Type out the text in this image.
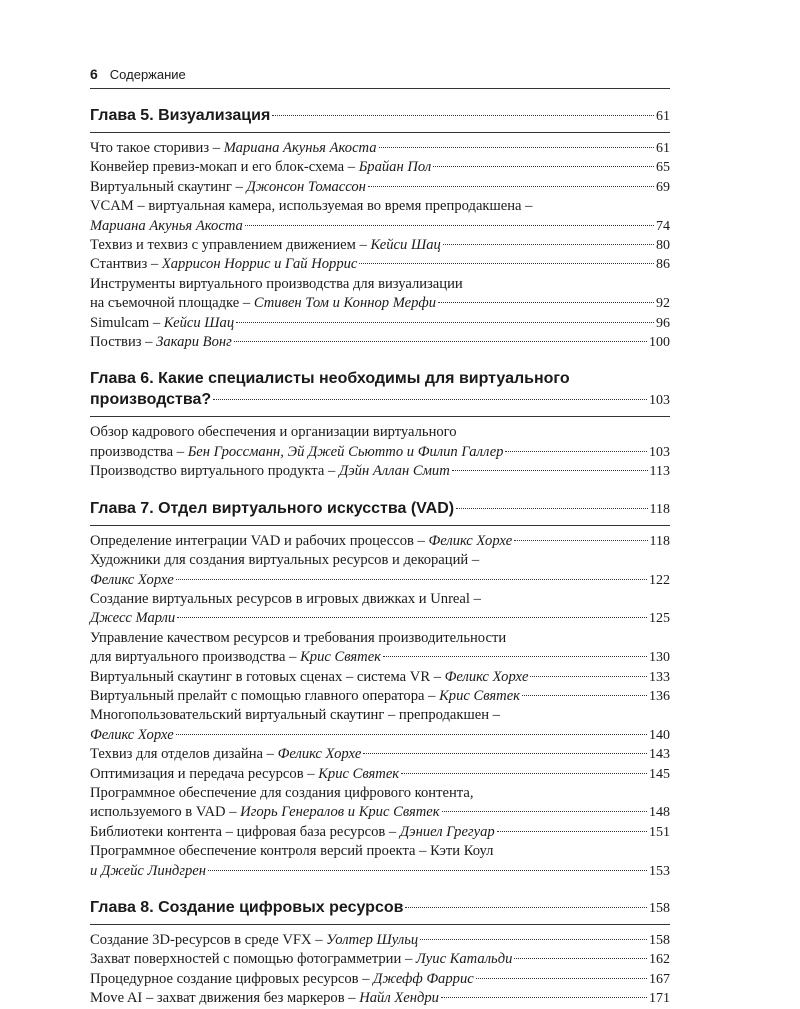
6 Содержание
Глава 5. Визуализация	61
Что такое сторивиз – Мариана Акунья Акоста	61
Конвейер превиз-мокап и его блок-схема – Брайан Пол	65
Виртуальный скаутинг – Джонсон Томассон	69
VCAM – виртуальная камера, используемая во время препродакшена –
Мариана Акунья Акоста	74
Техвиз и техвиз с управлением движением – Кейси Шац	80
Стантвиз – Харрисон Норрис и Гай Норрис	86
Инструменты виртуального производства для визуализации
на съемочной площадке – Стивен Том и Коннор Мерфи	92
Simulcam – Кейси Шац	96
Поствиз – Закари Вонг	100
Глава 6. Какие специалисты необходимы для виртуального
производства?	103
Обзор кадрового обеспечения и организации виртуального
производства – Бен Гроссманн, Эй Джей Сьютто и Филип Галлер	103
Производство виртуального продукта – Дэйн Аллан Смит	113
Глава 7. Отдел виртуального искусства (VAD)	118
Определение интеграции VAD и рабочих процессов – Феликс Хорхе	118
Художники для создания виртуальных ресурсов и декораций –
Феликс Хорхе	122
Создание виртуальных ресурсов в игровых движках и Unreal –
Джесс Марли	125
Управление качеством ресурсов и требования производительности
для виртуального производства – Крис Святек	130
Виртуальный скаутинг в готовых сценах – система VR – Феликс Хорхе	133
Виртуальный прелайт с помощью главного оператора – Крис Святек	136
Многопользовательский виртуальный скаутинг – препродакшен –
Феликс Хорхе	140
Техвиз для отделов дизайна – Феликс Хорхе	143
Оптимизация и передача ресурсов – Крис Святек	145
Программное обеспечение для создания цифрового контента,
используемого в VAD – Игорь Генералов и Крис Святек	148
Библиотеки контента – цифровая база ресурсов – Дэниел Грегуар	151
Программное обеспечение контроля версий проекта – Кэти Коул
и Джейс Линдгрен	153
Глава 8. Создание цифровых ресурсов	158
Создание 3D-ресурсов в среде VFX – Уолтер Шульц	158
Захват поверхностей с помощью фотограмметрии – Луис Катальди	162
Процедурное создание цифровых ресурсов – Джефф Фаррис	167
Move AI – захват движения без маркеров – Найл Хендри	171
